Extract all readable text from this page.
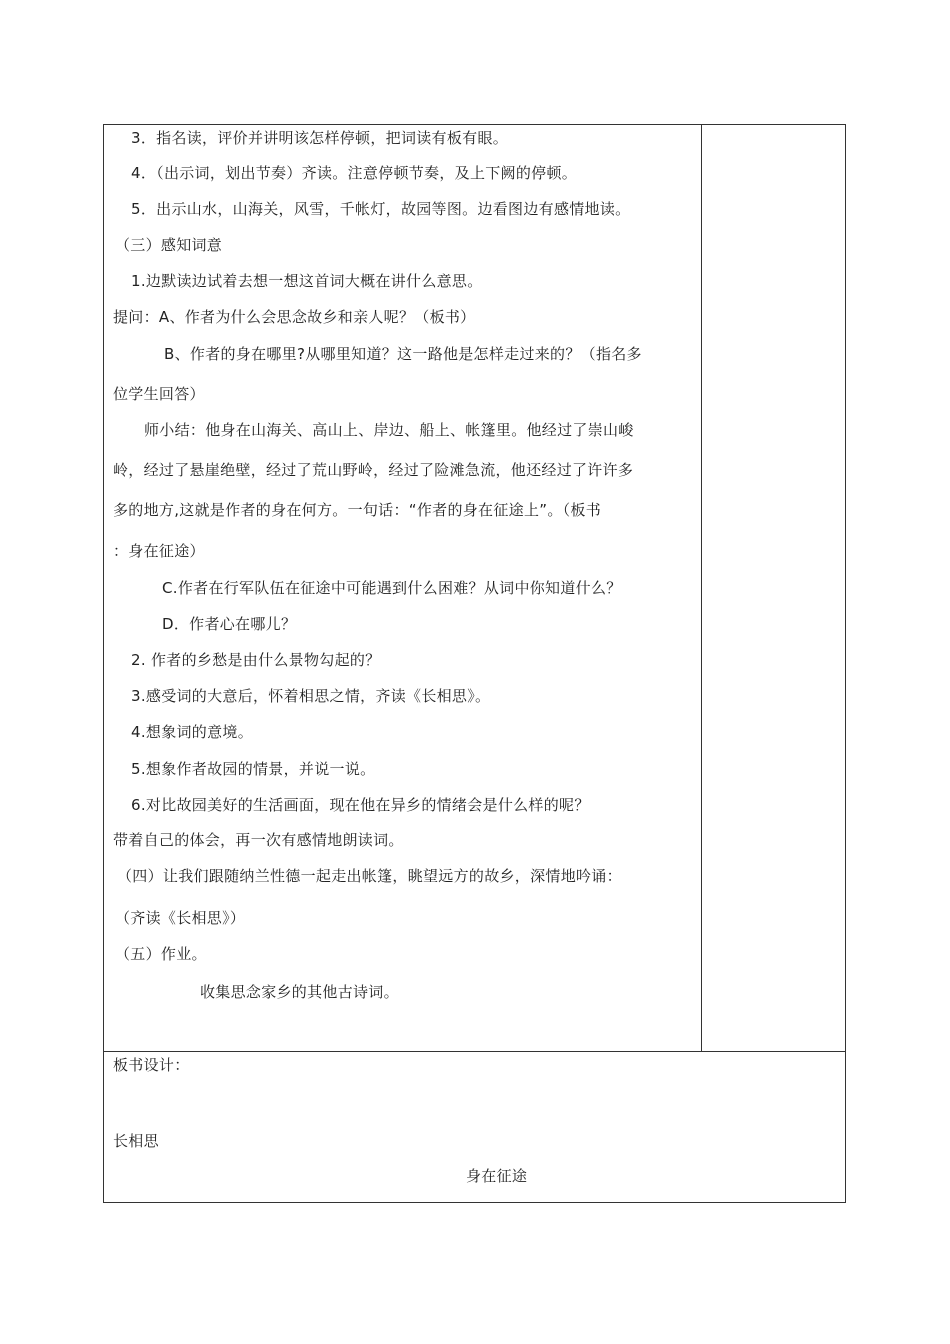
3．指名读，评价并讲明该怎样停顿，把词读有板有眼。
4．（出示词，划出节奏）齐读。注意停顿节奏，及上下阙的停顿。
5．出示山水，山海关，风雪，千帐灯，故园等图。边看图边有感情地读。
（三）感知词意
1.边默读边试着去想一想这首词大概在讲什么意思。
提问：A、作者为什么会思念故乡和亲人呢？（板书）
B、作者的身在哪里?从哪里知道？这一路他是怎样走过来的？（指名多
位学生回答）
师小结：他身在山海关、高山上、岸边、船上、帐篷里。他经过了崇山峻
岭，经过了悬崖绝壁，经过了荒山野岭，经过了险滩急流，他还经过了许许多
多的地方,这就是作者的身在何方。一句话：“作者的身在征途上”。（板书
：身在征途）
C.作者在行军队伍在征途中可能遇到什么困难？从词中你知道什么？
D．作者心在哪儿？
2. 作者的乡愁是由什么景物勾起的？
3.感受词的大意后，怀着相思之情，齐读《长相思》。
4.想象词的意境。
5.想象作者故园的情景，并说一说。
6.对比故园美好的生活画面，现在他在异乡的情绪会是什么样的呢？
带着自己的体会，再一次有感情地朗读词。
（四）让我们跟随纳兰性德一起走出帐篷，眺望远方的故乡，深情地吟诵：
（齐读《长相思》）
（五）作业。
收集思念家乡的其他古诗词。
板书设计：
长相思
身在征途
